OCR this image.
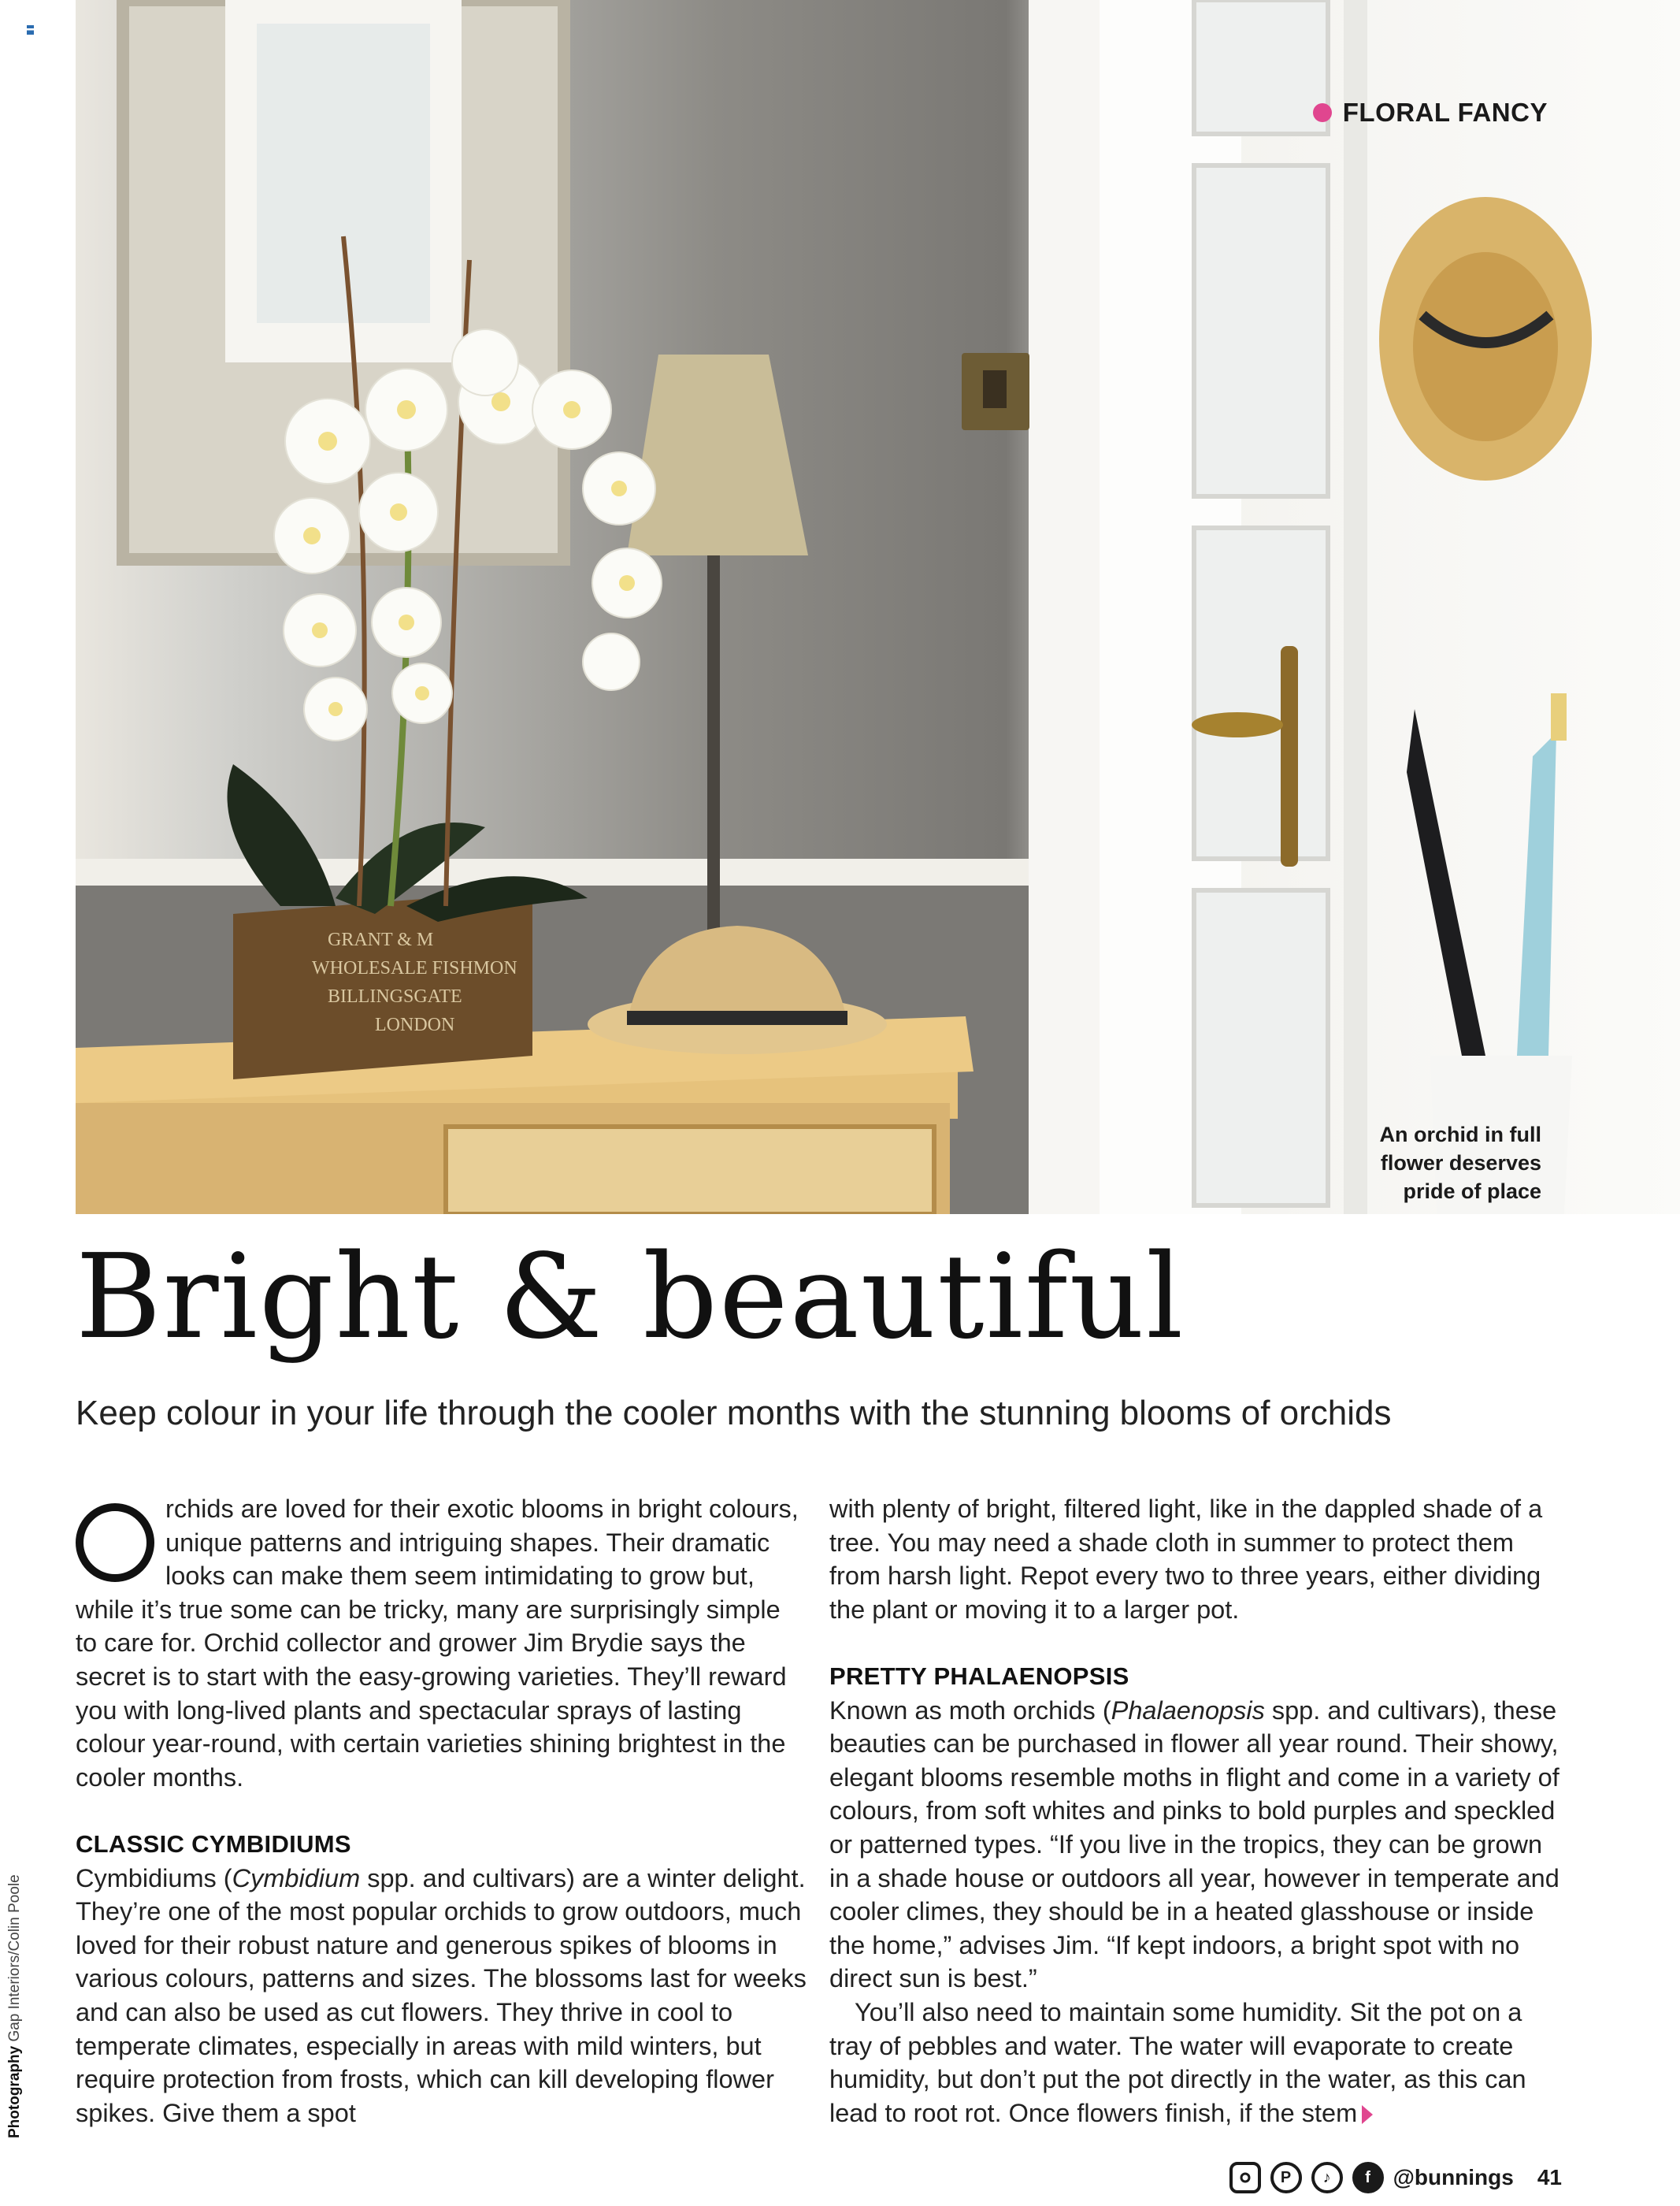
GRANT & M
WHOLESALE FISHMON
BILLINGSGATE
LONDON
FLORAL FANCY
An orchid in full flower deserves pride of place
Bright & beautiful

Keep colour in your life through the cooler months with the stunning blooms of orchids

rchids are loved for their exotic blooms in bright colours, unique patterns and intriguing shapes. Their dramatic looks can make them seem intimidating to grow but, while it’s true some can be tricky, many are surprisingly simple to care for. Orchid collector and grower Jim Brydie says the secret is to start with the easy-growing varieties. They’ll reward you with long-lived plants and spectacular sprays of lasting colour year-round, with certain varieties shining brightest in the cooler months.

CLASSIC CYMBIDIUMS

Cymbidiums (Cymbidium spp. and cultivars) are a winter delight. They’re one of the most popular orchids to grow outdoors, much loved for their robust nature and generous spikes of blooms in various colours, patterns and sizes. The blossoms last for weeks and can also be used as cut flowers. They thrive in cool to temperate climates, especially in areas with mild winters, but require protection from frosts, which can kill developing flower spikes. Give them a spot

with plenty of bright, filtered light, like in the dappled shade of a tree. You may need a shade cloth in summer to protect them from harsh light. Repot every two to three years, either dividing the plant or moving it to a larger pot.

PRETTY PHALAENOPSIS

Known as moth orchids (Phalaenopsis spp. and cultivars), these beauties can be purchased in flower all year round. Their showy, elegant blooms resemble moths in flight and come in a variety of colours, from soft whites and pinks to bold purples and speckled or patterned types. “If you live in the tropics, they can be grown in a shade house or outdoors all year, however in temperate and cooler climes, they should be in a heated glasshouse or inside the home,” advises Jim. “If kept indoors, a bright spot with no direct sun is best.”

You’ll also need to maintain some humidity. Sit the pot on a tray of pebbles and water. The water will evaporate to create humidity, but don’t put the pot directly in the water, as this can lead to root rot. Once flowers finish, if the stem

Photography Gap Interiors/Colin Poole
P	♪	f	@bunnings 41
